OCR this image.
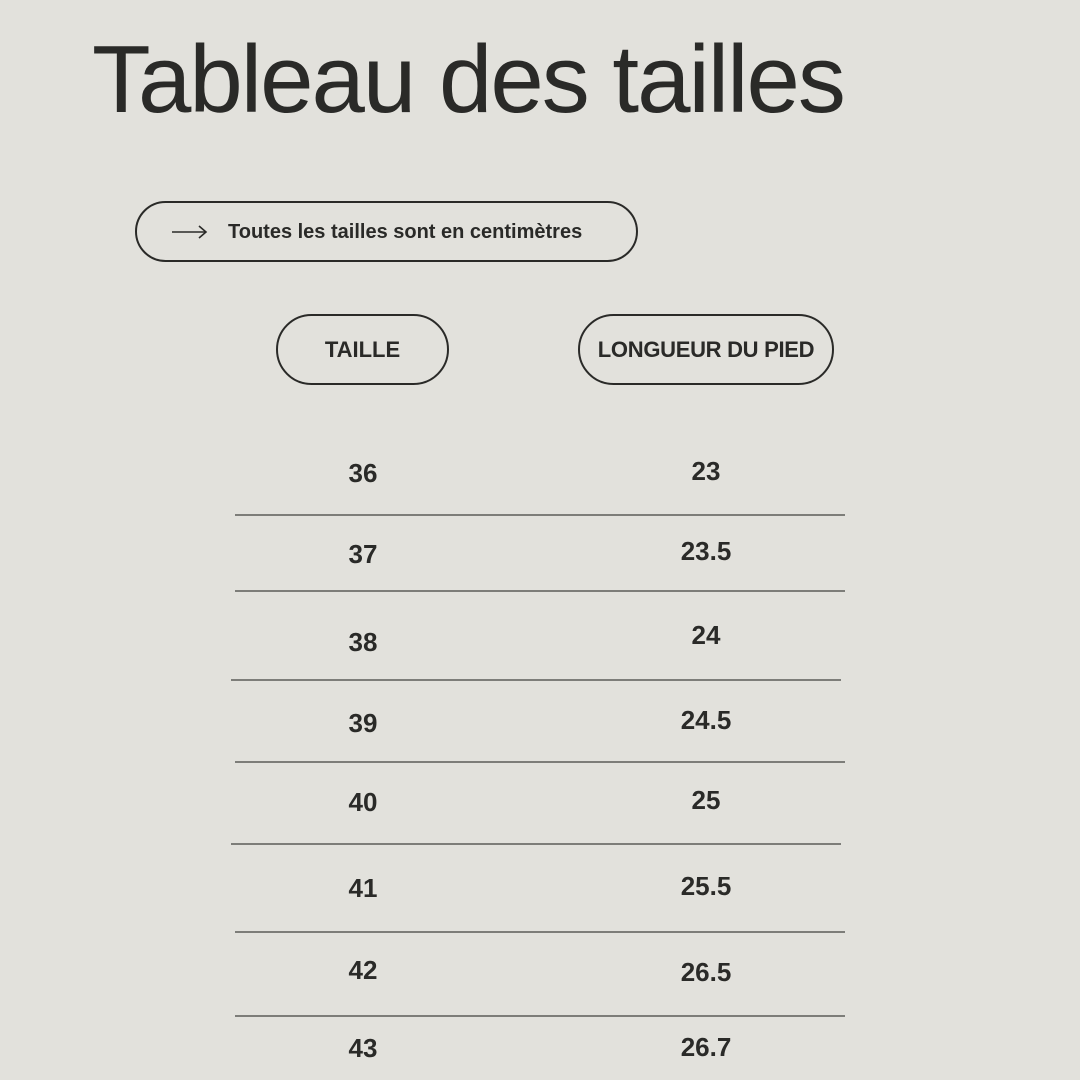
Tableau des tailles
Toutes les tailles sont en centimètres
TAILLE	LONGUEUR DU PIED
36	23
37	23.5
38	24
39	24.5
40	25
41	25.5
42	26.5
43	26.7
